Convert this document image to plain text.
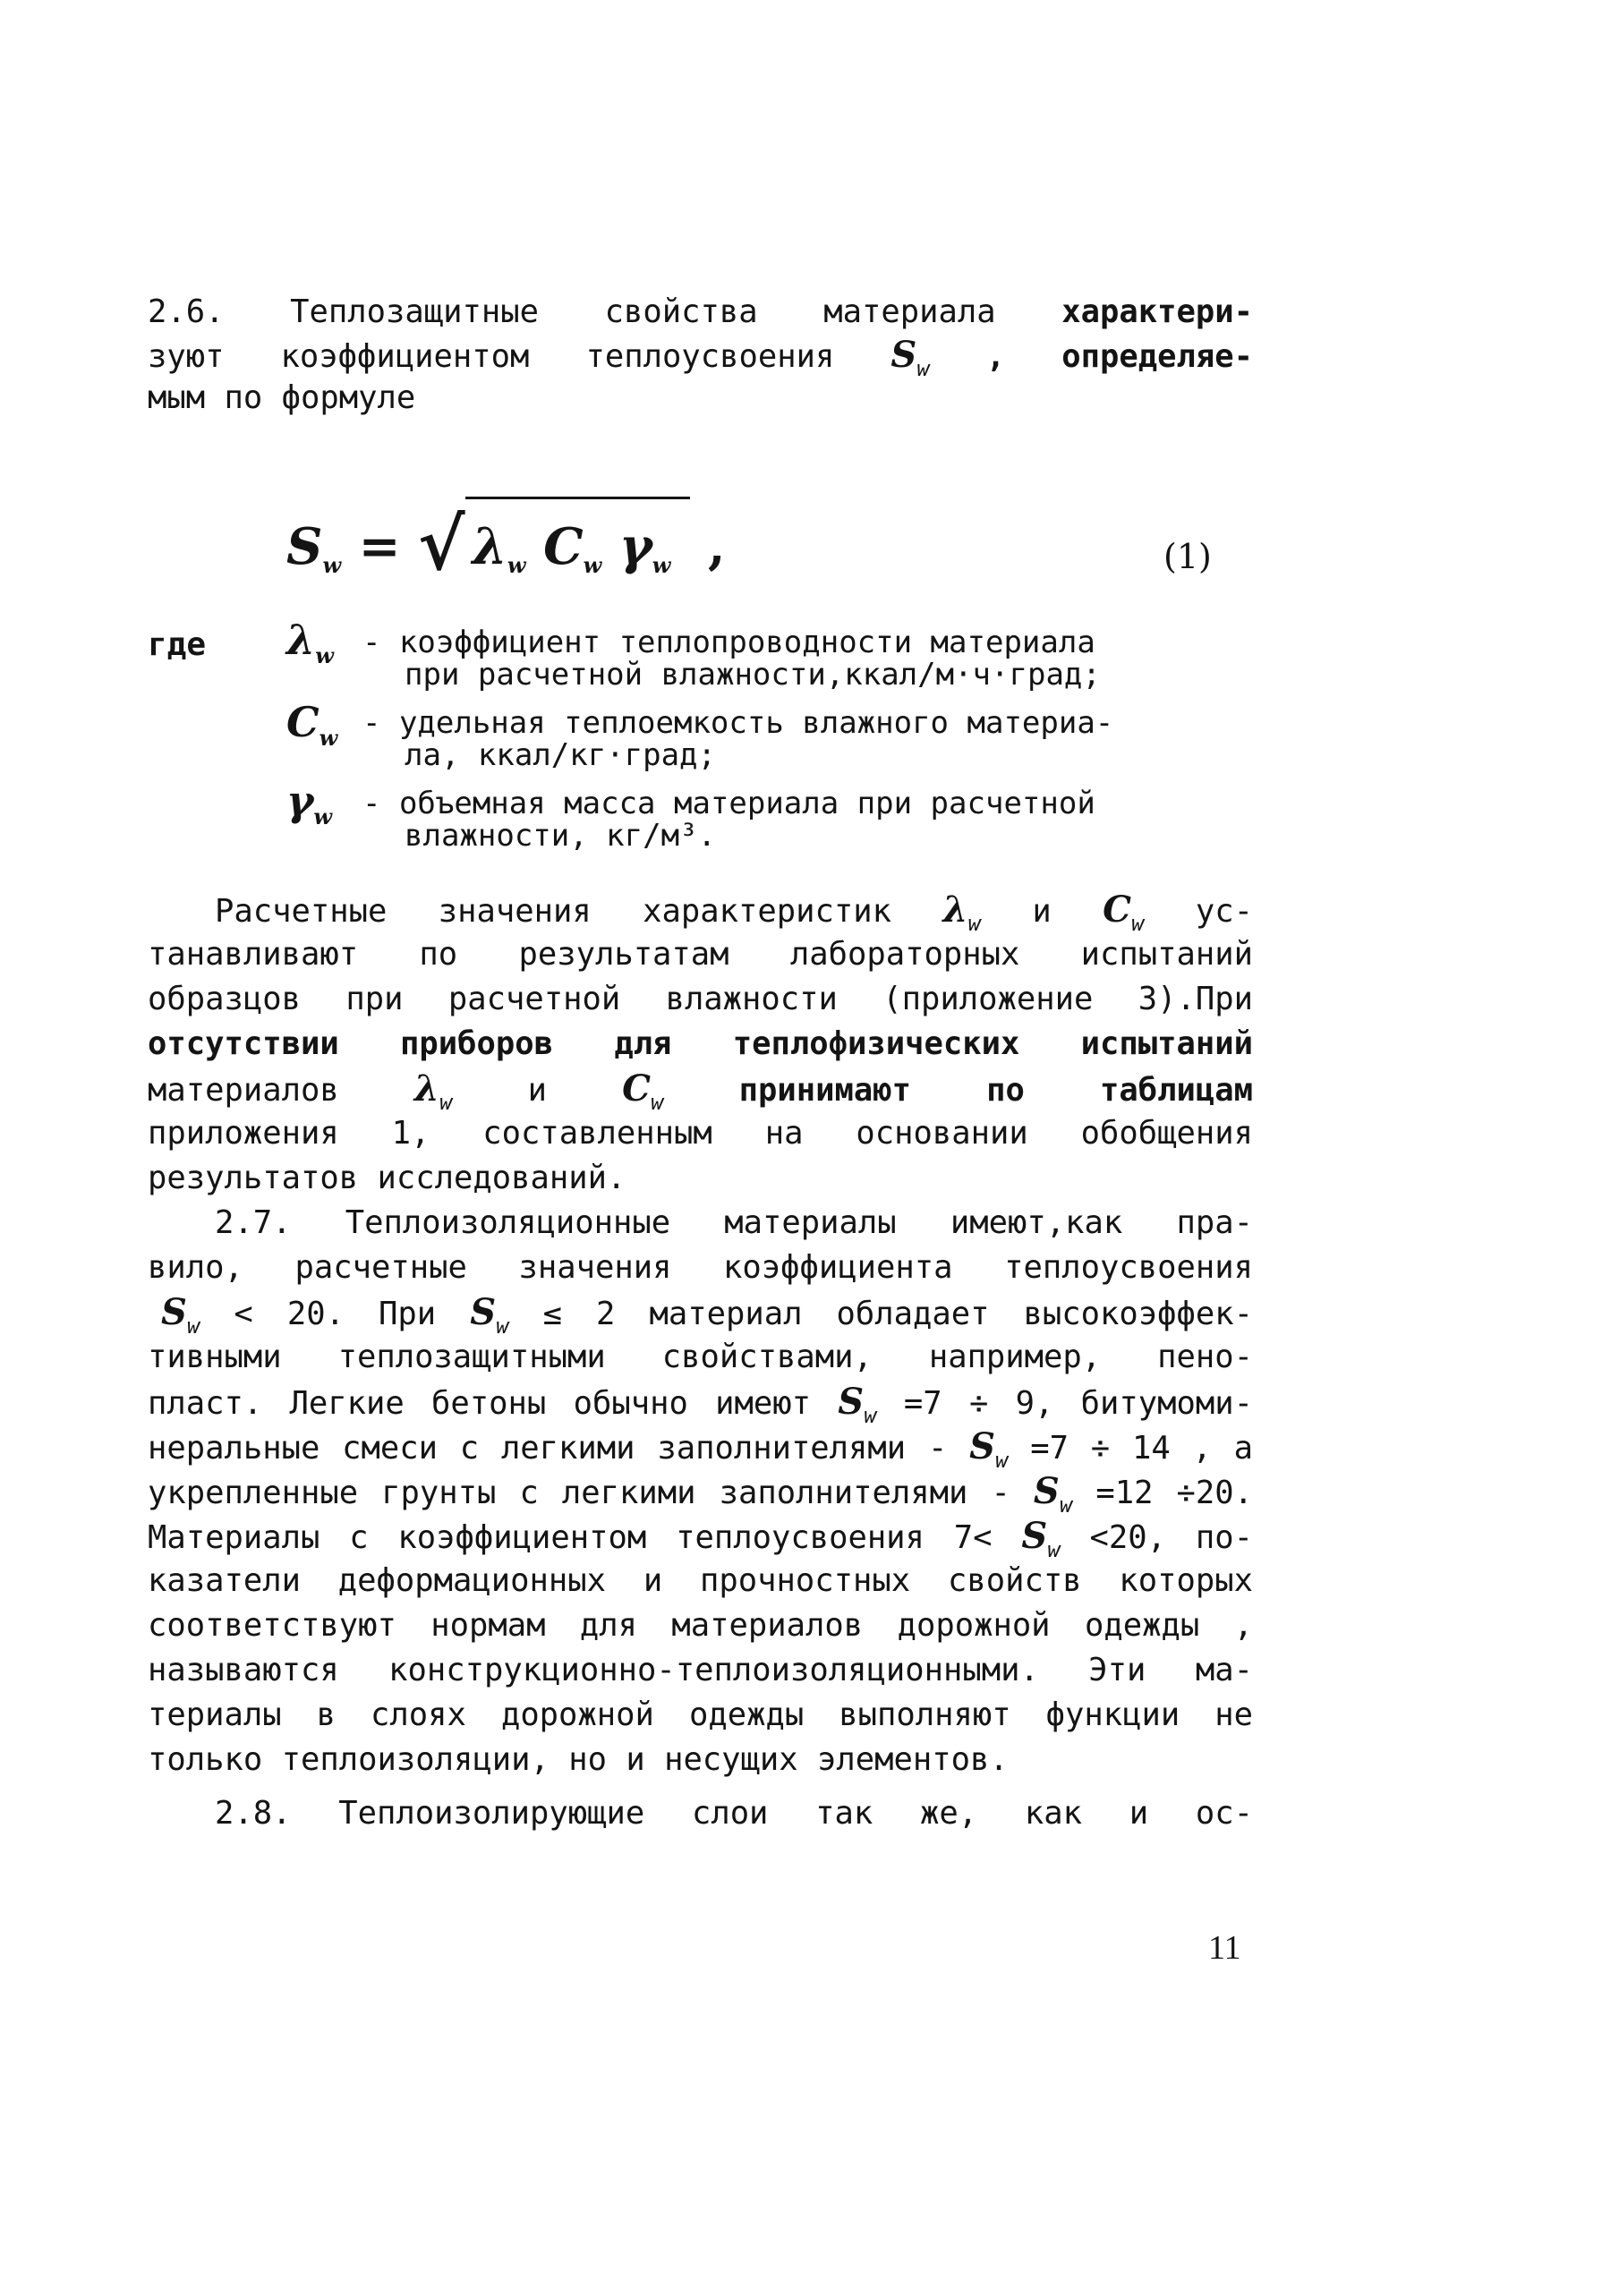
2.6. Теплозащитные свойства материала характери-
зуют коэффициентом теплоусвоения $S_w$ , определяе-
мым по формуле
$S_w$ = √ $\lambda_w$ $C_w$ $\gamma_w$ ,	(1)
где $\lambda_w$ - коэффициент теплопроводности материала
при расчетной влажности,ккал/м·ч·град;
$C_w$ - удельная теплоемкость влажного материа-
ла, ккал/кг·град;
$\gamma_w$ - объемная масса материала при расчетной
влажности, кг/м³.
Расчетные значения характеристик $\lambda_w$ и $C_w$ ус-
танавливают по результатам лабораторных испытаний
образцов при расчетной влажности (приложение 3).При
отсутствии приборов для теплофизических испытаний
материалов $\lambda_w$ и $C_w$ принимают по таблицам
приложения 1, составленным на основании обобщения
результатов исследований.
2.7. Теплоизоляционные материалы имеют,как пра-
вило, расчетные значения коэффициента теплоусвоения
$S_w < 20$. При $S_w \le 2$ материал обладает высокоэффек-
тивными теплозащитными свойствами, например, пено-
пласт. Легкие бетоны обычно имеют $S_w =7 \div 9$, битумоми-
неральные смеси с легкими заполнителями - $S_w =7 \div 14$ , а
укрепленные грунты с легкими заполнителями - $S_w =12 \div 20$.
Материалы с коэффициентом теплоусвоения $7< S_w <20$, по-
казатели деформационных и прочностных свойств которых
соответствуют нормам для материалов дорожной одежды ,
называются конструкционно-теплоизоляционными. Эти ма-
териалы в слоях дорожной одежды выполняют функции не
только теплоизоляции, но и несущих элементов.
2.8. Теплоизолирующие слои так же, как и ос-
11
